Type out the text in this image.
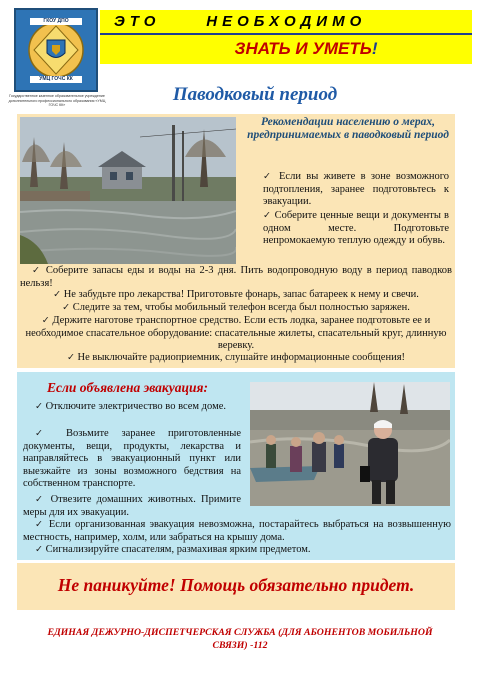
ГКОУ ДПО
УМЦ ГОЧС КК
Государственное казенное образовательное учреждение дополнительного профессионального образования «УМЦ ГОЧС КК»
ЭТО     НЕОБХОДИМО
ЗНАТЬ И УМЕТЬ!
Паводковый период
Рекомендации населению о мерах, предпринимаемых в паводковый период
✓ Если вы живете в зоне возможного подтопления, заранее подготовьтесь к эвакуации.
✓ Соберите ценные вещи и документы в одном месте. Подготовьте непромокаемую теплую одежду и обувь.
✓ Соберите запасы еды и воды на 2-3 дня. Пить водопроводную воду в период паводков нельзя!
✓ Не забудьте про лекарства! Приготовьте фонарь, запас батареек к нему и свечи.
✓ Следите за тем, чтобы мобильный телефон всегда был полностью заряжен.
✓ Держите наготове транспортное средство. Если есть лодка, заранее подготовьте ее и необходимое спасательное оборудование: спасательные жилеты, спасательный круг, длинную веревку.
✓ Не выключайте радиоприемник, слушайте информационные сообщения!
Если объявлена эвакуация:
✓ Отключите электричество во всем доме.
✓ Возьмите заранее приготовленные документы, вещи, продукты, лекарства и направляйтесь в эвакуационный пункт или выезжайте из зоны возможного бедствия на собственном транспорте.
✓ Отвезите домашних животных. Примите меры для их эвакуации.
✓ Если организованная эвакуация невозможна, постарайтесь выбраться на возвышенную местность, например, холм, или забраться на крышу дома.
✓ Сигнализируйте спасателям, размахивая ярким предметом.
Не паникуйте! Помощь обязательно придет.
ЕДИНАЯ ДЕЖУРНО-ДИСПЕТЧЕРСКАЯ СЛУЖБА (ДЛЯ АБОНЕНТОВ МОБИЛЬНОЙ СВЯЗИ) -112
